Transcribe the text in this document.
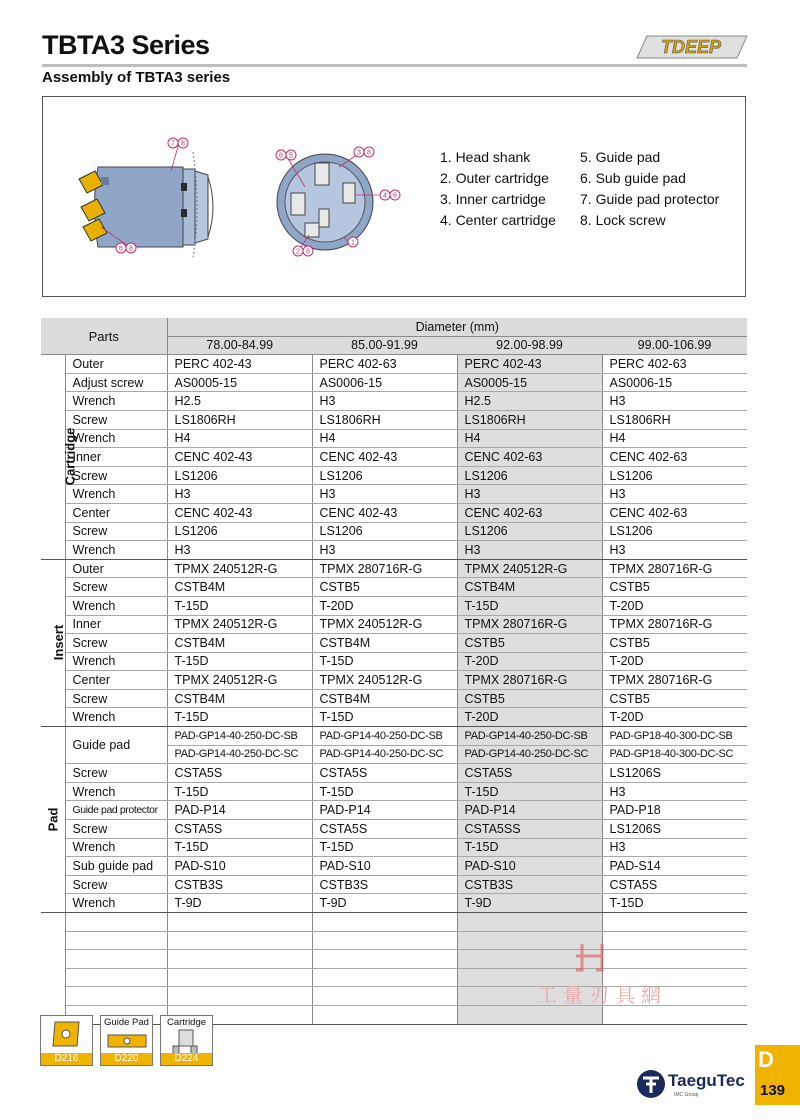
TBTA3 Series
Assembly of TBTA3 series
TDEEP
7 8
6 5	3 8
4 6
1
2 8
6 8
1. Head shank	5. Guide pad
2. Outer cartridge	6. Sub guide pad
3. Inner cartridge	7. Guide pad protector
4. Center cartridge	8. Lock screw
Parts		Diameter (mm)			
		78.00-84.99	85.00-91.99	92.00-98.99	99.00-106.99
Cartridge	Outer	PERC 402-43	PERC 402-63	PERC 402-43	PERC 402-63
	Adjust screw	AS0005-15	AS0006-15	AS0005-15	AS0006-15
	Wrench	H2.5	H3	H2.5	H3
	Screw	LS1806RH	LS1806RH	LS1806RH	LS1806RH
	Wrench	H4	H4	H4	H4
	Inner	CENC 402-43	CENC 402-43	CENC 402-63	CENC 402-63
	Screw	LS1206	LS1206	LS1206	LS1206
	Wrench	H3	H3	H3	H3
	Center	CENC 402-43	CENC 402-43	CENC 402-63	CENC 402-63
	Screw	LS1206	LS1206	LS1206	LS1206
	Wrench	H3	H3	H3	H3
Insert	Outer	TPMX 240512R-G	TPMX 280716R-G	TPMX 240512R-G	TPMX 280716R-G
	Screw	CSTB4M	CSTB5	CSTB4M	CSTB5
	Wrench	T-15D	T-20D	T-15D	T-20D
	Inner	TPMX 240512R-G	TPMX 240512R-G	TPMX 280716R-G	TPMX 280716R-G
	Screw	CSTB4M	CSTB4M	CSTB5	CSTB5
	Wrench	T-15D	T-15D	T-20D	T-20D
	Center	TPMX 240512R-G	TPMX 240512R-G	TPMX 280716R-G	TPMX 280716R-G
	Screw	CSTB4M	CSTB4M	CSTB5	CSTB5
	Wrench	T-15D	T-15D	T-20D	T-20D
Pad	Guide pad	PAD-GP14-40-250-DC-SB	PAD-GP14-40-250-DC-SB	PAD-GP14-40-250-DC-SB	PAD-GP18-40-300-DC-SB
		PAD-GP14-40-250-DC-SC	PAD-GP14-40-250-DC-SC	PAD-GP14-40-250-DC-SC	PAD-GP18-40-300-DC-SC
	Screw	CSTA5S	CSTA5S	CSTA5S	LS1206S
	Wrench	T-15D	T-15D	T-15D	H3
	Guide pad protector	PAD-P14	PAD-P14	PAD-P14	PAD-P18
	Screw	CSTA5S	CSTA5S	CSTA5SS	LS1206S
	Wrench	T-15D	T-15D	T-15D	H3
	Sub guide pad	PAD-S10	PAD-S10	PAD-S10	PAD-S14
	Screw	CSTB3S	CSTB3S	CSTB3S	CSTA5S
	Wrench	T-9D	T-9D	T-9D	T-15D

工量刃具網
D216
Guide Pad
D220
Cartridge
D224	D
139
TaeguTec
IMC Group
